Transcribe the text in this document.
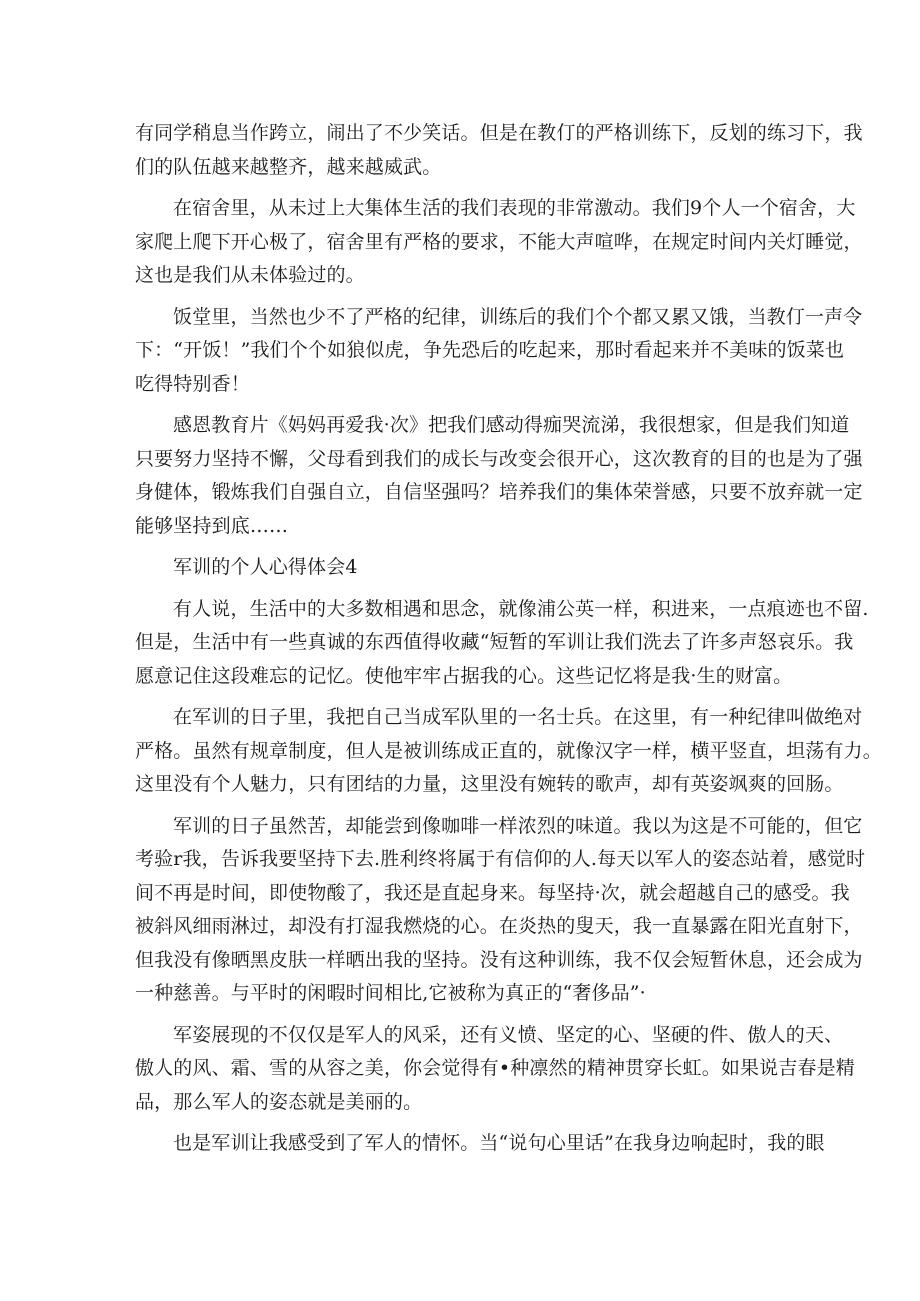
有同学稍息当作跨立，闹出了不少笑话。但是在教仃的严格训练下，反划的练习下，我
们的队伍越来越整齐，越来越威武。

在宿舍里，从未过上大集体生活的我们表现的非常激动。我们9个人一个宿舍，大
家爬上爬下开心极了，宿舍里有严格的要求，不能大声喧哗，在规定时间内关灯睡觉，
这也是我们从未体验过的。

饭堂里，当然也少不了严格的纪律，训练后的我们个个都又累又饿，当教仃一声令
下：“开饭！”我们个个如狼似虎，争先恐后的吃起来，那时看起来并不美味的饭菜也
吃得特别香！

感恩教育片《妈妈再爱我·次》把我们感动得痂哭流涕，我很想家，但是我们知道
只要努力坚持不懈，父母看到我们的成长与改变会很开心，这次教育的目的也是为了强
身健体，锻炼我们自强自立，自信坚强吗？培养我们的集体荣誉感，只要不放弃就一定
能够坚持到底……

军训的个人心得体会4

有人说，生活中的大多数相遇和思念，就像浦公英一样，积进来，一点痕迹也不留.
但是，生活中有一些真诚的东西值得收藏“短暂的军训让我们洗去了许多声怒哀乐。我
愿意记住这段难忘的记忆。使他牢牢占据我的心。这些记忆将是我·生的财富。

在军训的日子里，我把自己当成军队里的一名士兵。在这里，有一种纪律叫做绝对
严格。虽然有规章制度，但人是被训练成正直的，就像汉字一样，横平竖直，坦荡有力。
这里没有个人魅力，只有团结的力量，这里没有婉转的歌声，却有英姿飒爽的回肠。

军训的日子虽然苦，却能尝到像咖啡一样浓烈的味道。我以为这是不可能的，但它
考验r我，告诉我要坚持下去.胜利终将属于有信仰的人.每天以军人的姿态站着，感觉时
间不再是时间，即使物酸了，我还是直起身来。每坚持·次，就会超越自己的感受。我
被斜风细雨淋过，却没有打湿我燃烧的心。在炎热的叟天，我一直暴露在阳光直射下，
但我没有像晒黑皮肤一样晒出我的坚持。没有这种训练，我不仅会短暂休息，还会成为
一种慈善。与平时的闲暇时间相比,它被称为真正的“奢侈品”·

军姿展现的不仅仅是军人的风采，还有义愤、坚定的心、坚硬的件、傲人的天、
傲人的风、霜、雪的从容之美，你会觉得有•种凛然的精神贯穿长虹。如果说吉春是精
品，那么军人的姿态就是美丽的。

也是军训让我感受到了军人的情怀。当“说句心里话”在我身边响起时，我的眼
